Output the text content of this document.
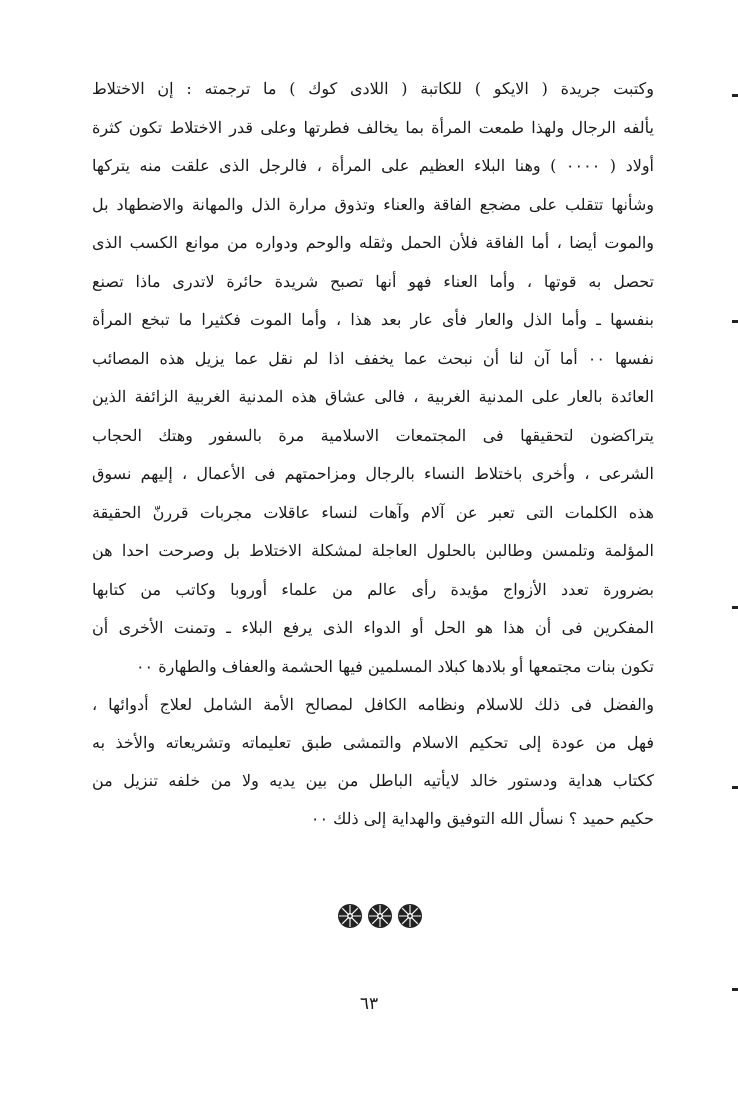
وكتبت جريدة ( الايكو ) للكاتبة ( اللادى كوك ) ما ترجمته : إن الاختلاط
يألفه الرجال ولهذا طمعت المرأة بما يخالف فطرتها وعلى قدر الاختلاط تكون كثرة
أولاد ( ٠٠٠٠ ) وهنا البلاء العظيم على المرأة ، فالرجل الذى علقت منه يتركها
وشأنها تتقلب على مضجع الفاقة والعناء وتذوق مرارة الذل والمهانة والاضطهاد بل
والموت أيضا ، أما الفاقة فلأن الحمل وثقله والوحم ودواره من موانع الكسب الذى
تحصل به قوتها ، وأما العناء فهو أنها تصبح شريدة حائرة لاتدرى ماذا تصنع
بنفسها ـ وأما الذل والعار فأى عار بعد هذا ، وأما الموت فكثيرا ما تبخع المرأة
نفسها ٠٠ أما آن لنا أن نبحث عما يخفف اذا لم نقل عما يزيل هذه المصائب
العائدة بالعار على المدنية الغربية ، فالى عشاق هذه المدنية الغربية الزائفة الذين
يتراكضون لتحقيقها فى المجتمعات الاسلامية مرة بالسفور وهتك الحجاب
الشرعى ، وأخرى باختلاط النساء بالرجال ومزاحمتهم فى الأعمال ، إليهم نسوق
هذه الكلمات التى تعبر عن آلام وآهات لنساء عاقلات مجربات قررنّ الحقيقة
المؤلمة وتلمسن وطالبن بالحلول العاجلة لمشكلة الاختلاط بل وصرحت احدا هن
بضرورة تعدد الأزواج مؤيدة رأى عالم من علماء أوروبا وكاتب من كتابها
المفكرين فى أن هذا هو الحل أو الدواء الذى يرفع البلاء ـ وتمنت الأخرى أن
تكون بنات مجتمعها أو بلادها كبلاد المسلمين فيها الحشمة والعفاف والطهارة ٠٠
والفضل فى ذلك للاسلام ونظامه الكافل لمصالح الأمة الشامل لعلاج أدوائها ،
فهل من عودة إلى تحكيم الاسلام والتمشى طبق تعليماته وتشريعاته والأخذ به
ككتاب هداية ودستور خالد لايأتيه الباطل من بين يديه ولا من خلفه تنزيل من
حكيم حميد ؟ نسأل الله التوفيق والهداية إلى ذلك ٠٠
٦٣
